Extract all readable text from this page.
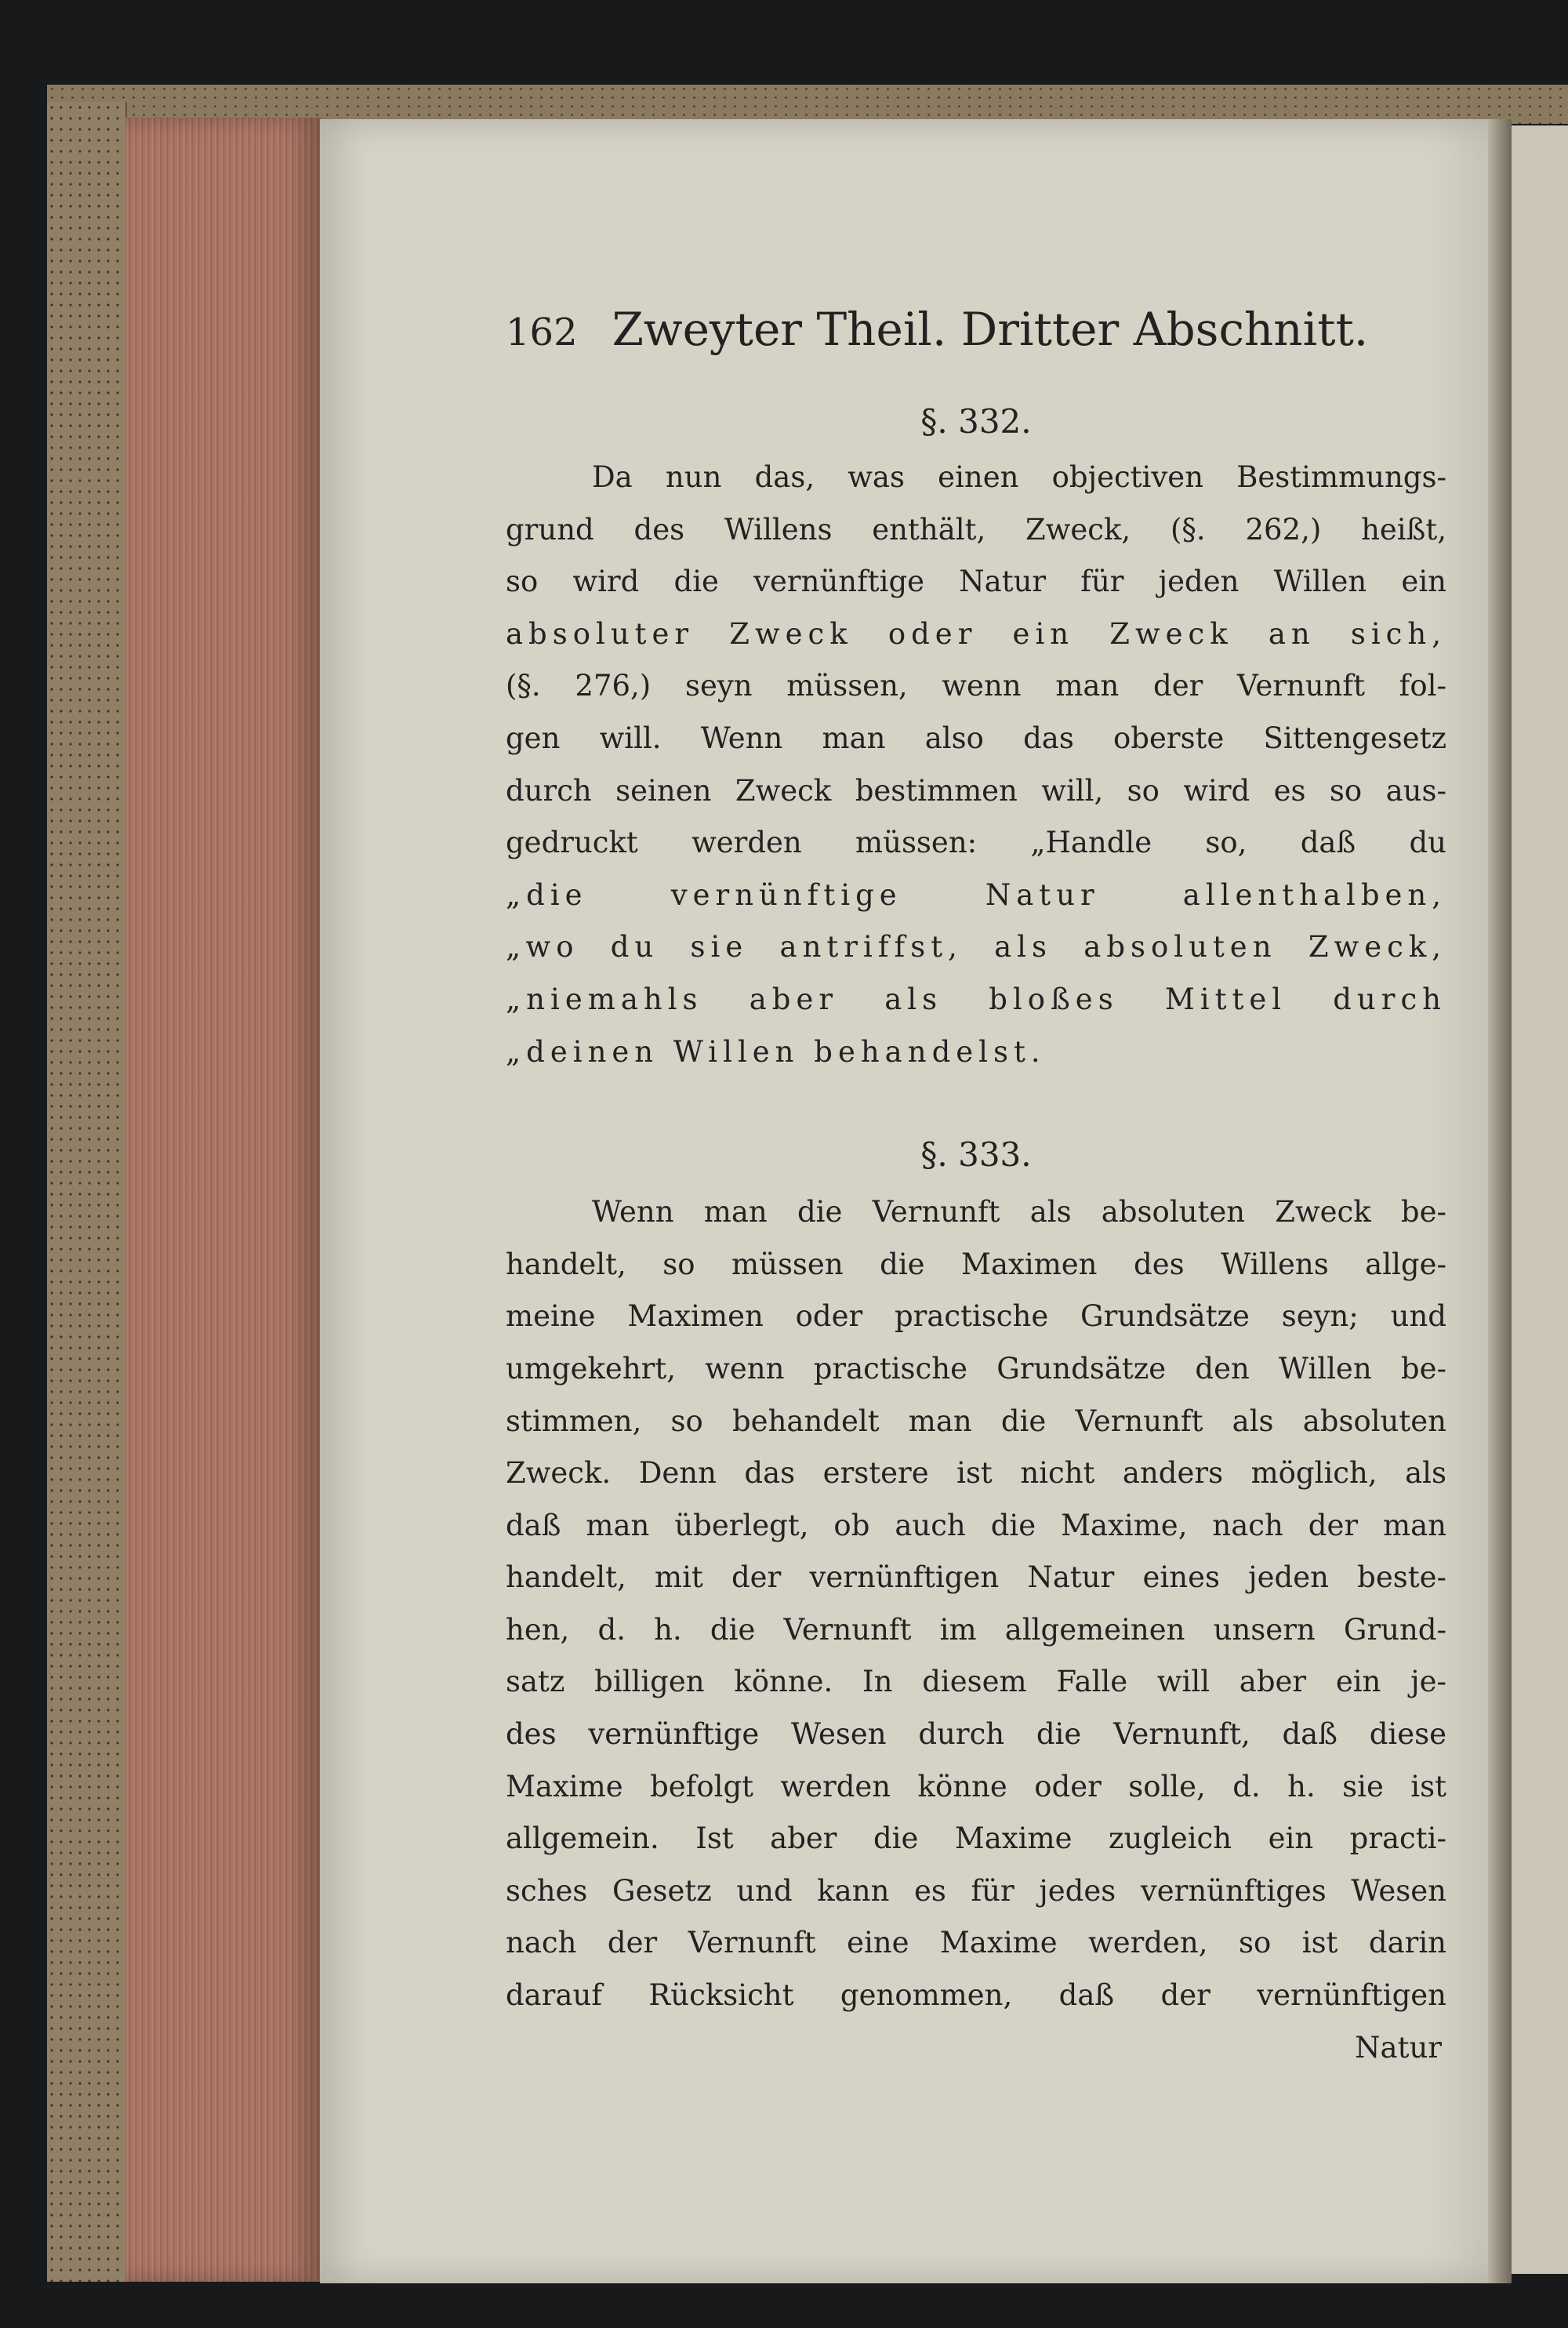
162 Zweyter Theil. Dritter Abschnitt.
§. 332.
Da nun das, was einen objectiven Bestimmungs-
grund des Willens enthält, Zweck, (§. 262,) heißt,
so wird die vernünftige Natur für jeden Willen ein
absoluter Zweck oder ein Zweck an sich,
(§. 276,) seyn müssen, wenn man der Vernunft fol-
gen will. Wenn man also das oberste Sittengesetz
durch seinen Zweck bestimmen will, so wird es so aus-
gedruckt werden müssen: „Handle so, daß du
„die vernünftige Natur allenthalben,
„wo du sie antriffst, als absoluten Zweck,
„niemahls aber als bloßes Mittel durch
„deinen Willen behandelst.
§. 333.
Wenn man die Vernunft als absoluten Zweck be-
handelt, so müssen die Maximen des Willens allge-
meine Maximen oder practische Grundsätze seyn; und
umgekehrt, wenn practische Grundsätze den Willen be-
stimmen, so behandelt man die Vernunft als absoluten
Zweck. Denn das erstere ist nicht anders möglich, als
daß man überlegt, ob auch die Maxime, nach der man
handelt, mit der vernünftigen Natur eines jeden beste-
hen, d. h. die Vernunft im allgemeinen unsern Grund-
satz billigen könne. In diesem Falle will aber ein je-
des vernünftige Wesen durch die Vernunft, daß diese
Maxime befolgt werden könne oder solle, d. h. sie ist
allgemein. Ist aber die Maxime zugleich ein practi-
sches Gesetz und kann es für jedes vernünftiges Wesen
nach der Vernunft eine Maxime werden, so ist darin
darauf Rücksicht genommen, daß der vernünftigen
Natur
